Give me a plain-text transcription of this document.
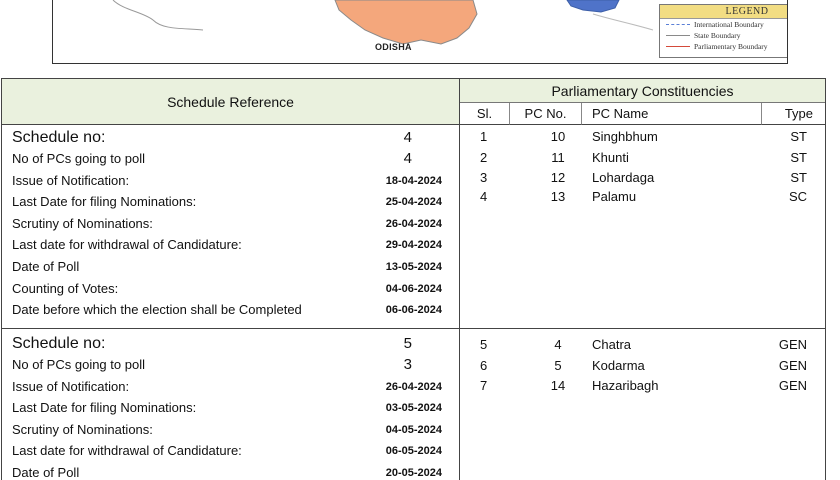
ODISHA
LEGEND
International Boundary
State Boundary
Parliamentary Boundary
Schedule Reference
Schedule no:	4
No of PCs going to poll	4
Issue of Notification:	18-04-2024
Last Date for filing Nominations:	25-04-2024
Scrutiny of Nominations:	26-04-2024
Last date for withdrawal of Candidature:	29-04-2024
Date of Poll	13-05-2024
Counting of Votes:	04-06-2024
Date before which the election shall be Completed	06-06-2024
Schedule no:	5
No of PCs going to poll	3
Issue of Notification:	26-04-2024
Last Date for filing Nominations:	03-05-2024
Scrutiny of Nominations:	04-05-2024
Last date for withdrawal of Candidature:	06-05-2024
Date of Poll	20-05-2024
Parliamentary Constituencies
Sl.	PC No.	PC Name	Type
1	10	Singhbhum	ST
2	11	Khunti	ST
3	12	Lohardaga	ST
4	13	Palamu	SC
5	4	Chatra	GEN
6	5	Kodarma	GEN
7	14	Hazaribagh	GEN
